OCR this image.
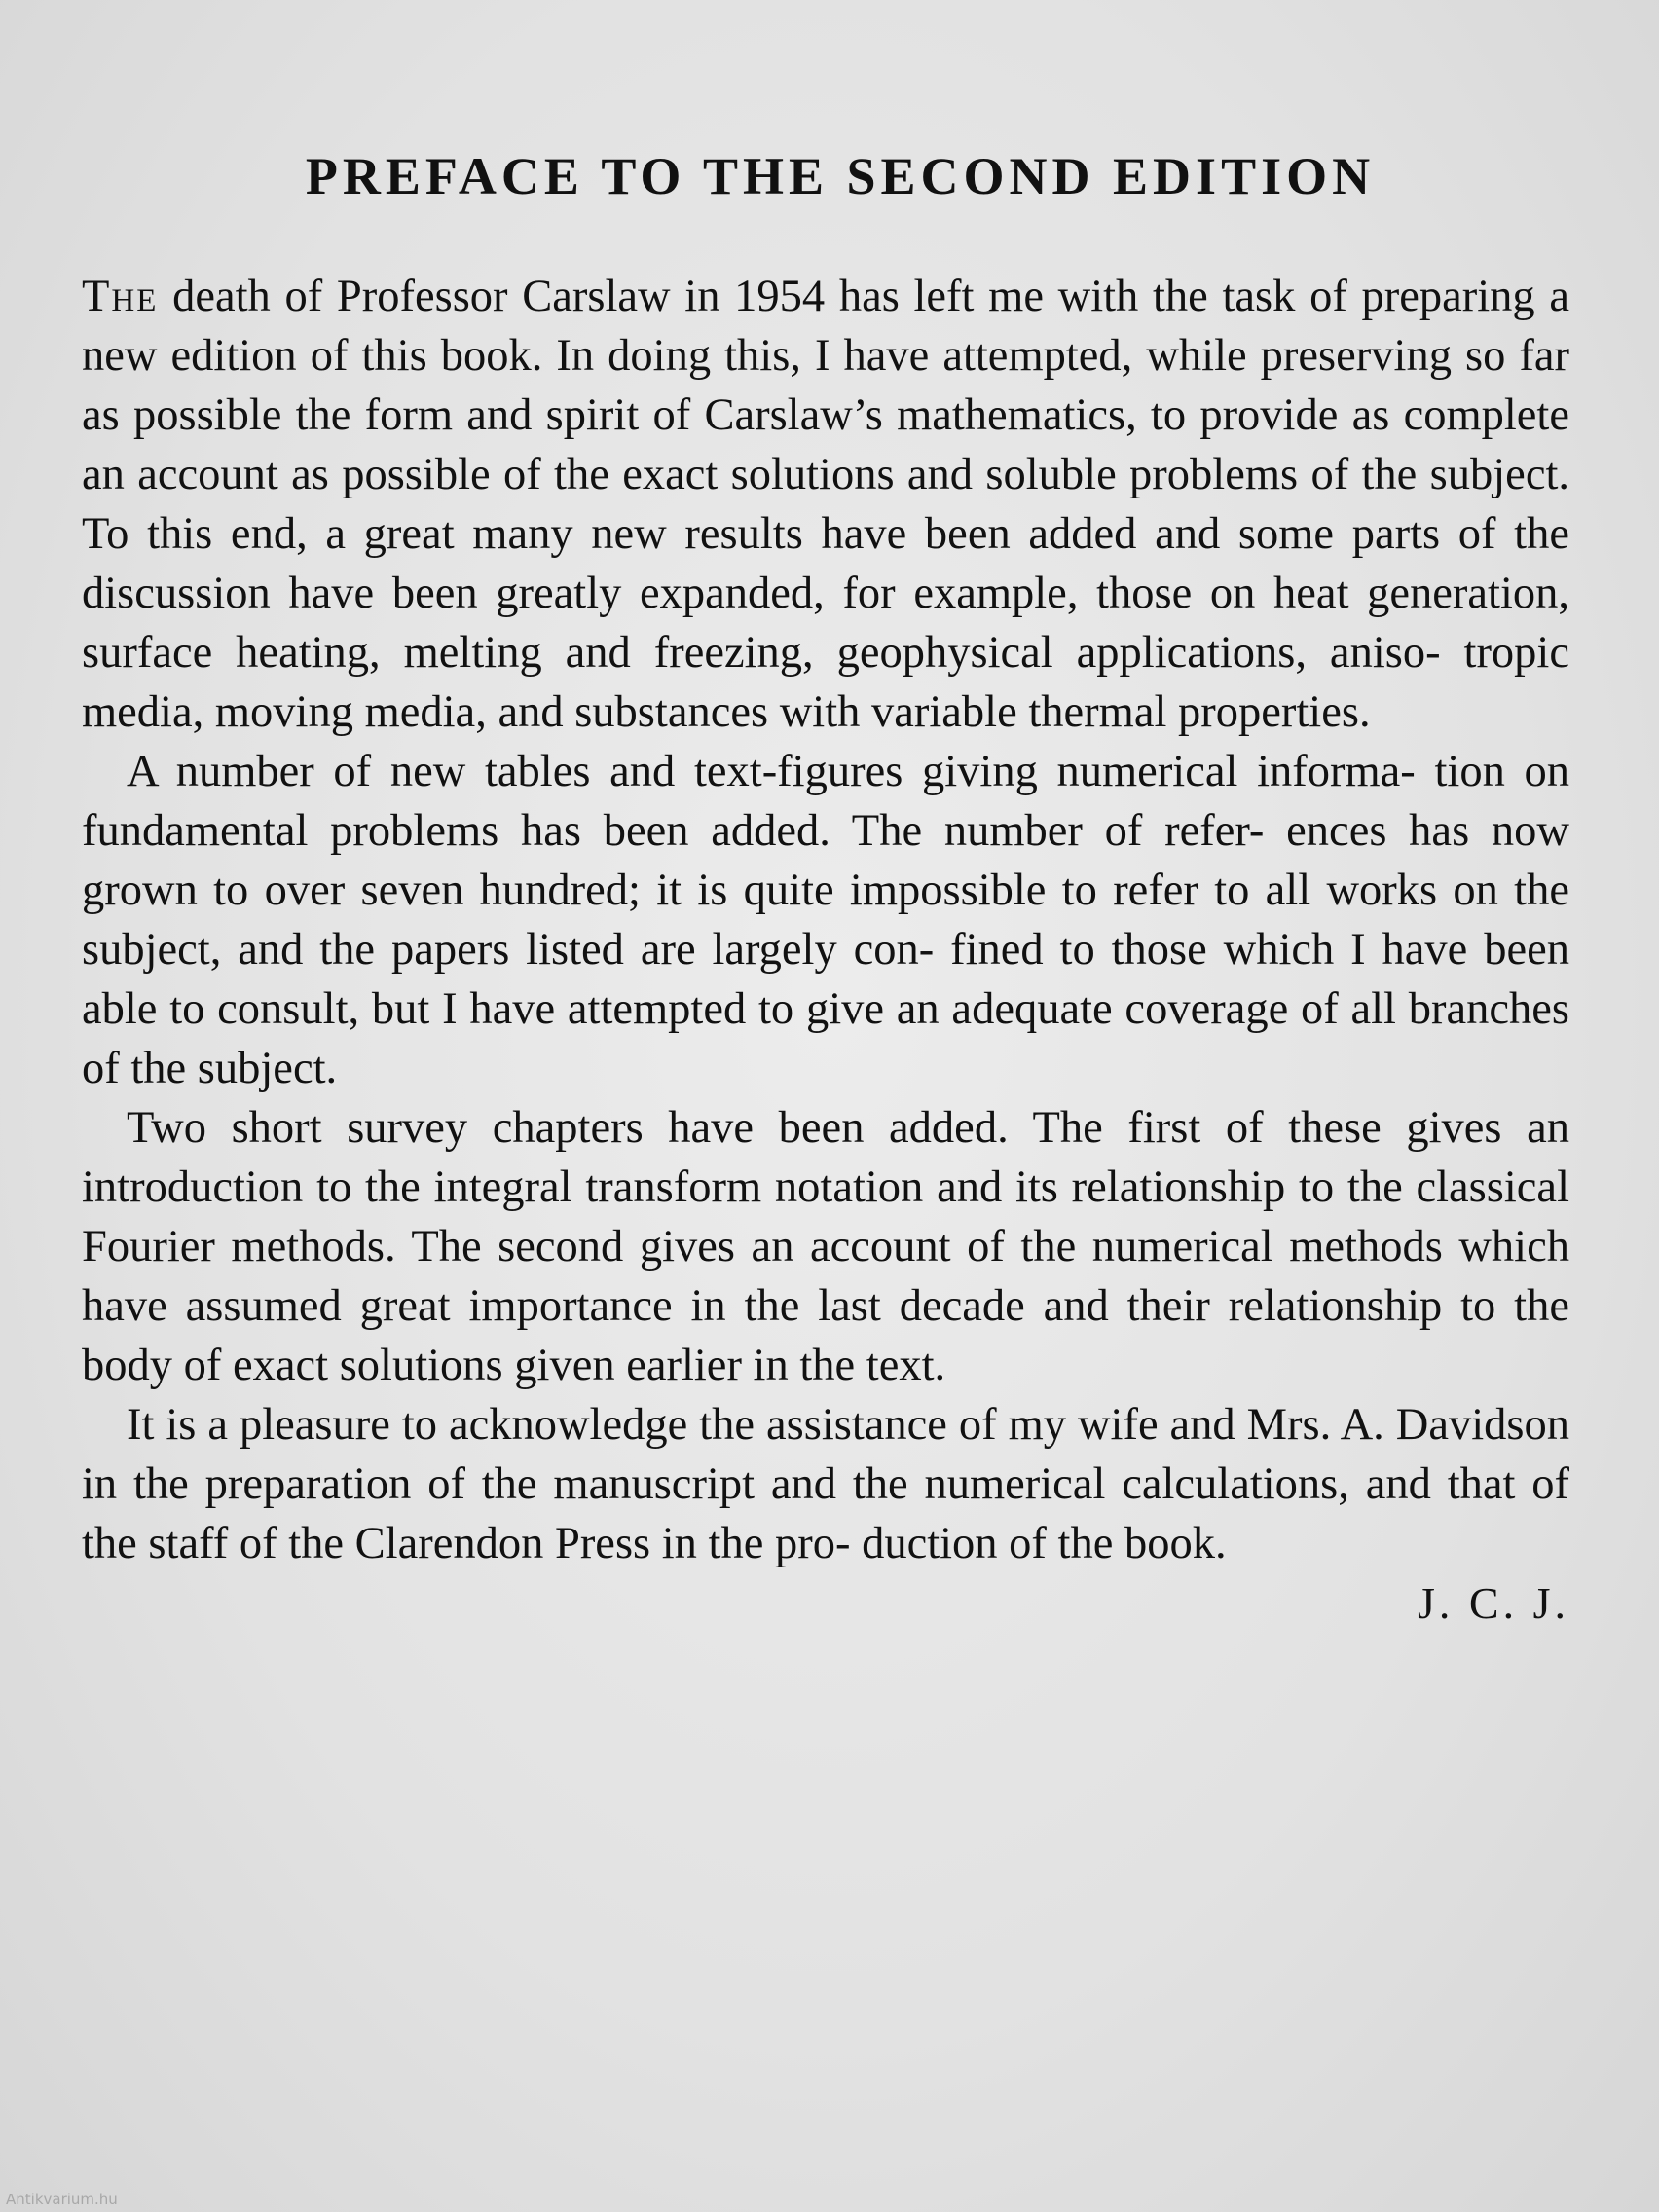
PREFACE TO THE SECOND EDITION

The death of Professor Carslaw in 1954 has left me with the task of preparing a new edition of this book. In doing this, I have attempted, while preserving so far as possible the form and spirit of Carslaw’s mathematics, to provide as complete an account as possible of the exact solutions and soluble problems of the subject. To this end, a great many new results have been added and some parts of the discussion have been greatly expanded, for example, those on heat generation, surface heating, melting and freezing, geophysical applications, aniso- tropic media, moving media, and substances with variable thermal properties.

A number of new tables and text-figures giving numerical informa- tion on fundamental problems has been added. The number of refer- ences has now grown to over seven hundred; it is quite impossible to refer to all works on the subject, and the papers listed are largely con- fined to those which I have been able to consult, but I have attempted to give an adequate coverage of all branches of the subject.

Two short survey chapters have been added. The first of these gives an introduction to the integral transform notation and its relationship to the classical Fourier methods. The second gives an account of the numerical methods which have assumed great importance in the last decade and their relationship to the body of exact solutions given earlier in the text.

It is a pleasure to acknowledge the assistance of my wife and Mrs. A. Davidson in the preparation of the manuscript and the numerical calculations, and that of the staff of the Clarendon Press in the pro- duction of the book.

J. C. J.
Antikvarium.hu
